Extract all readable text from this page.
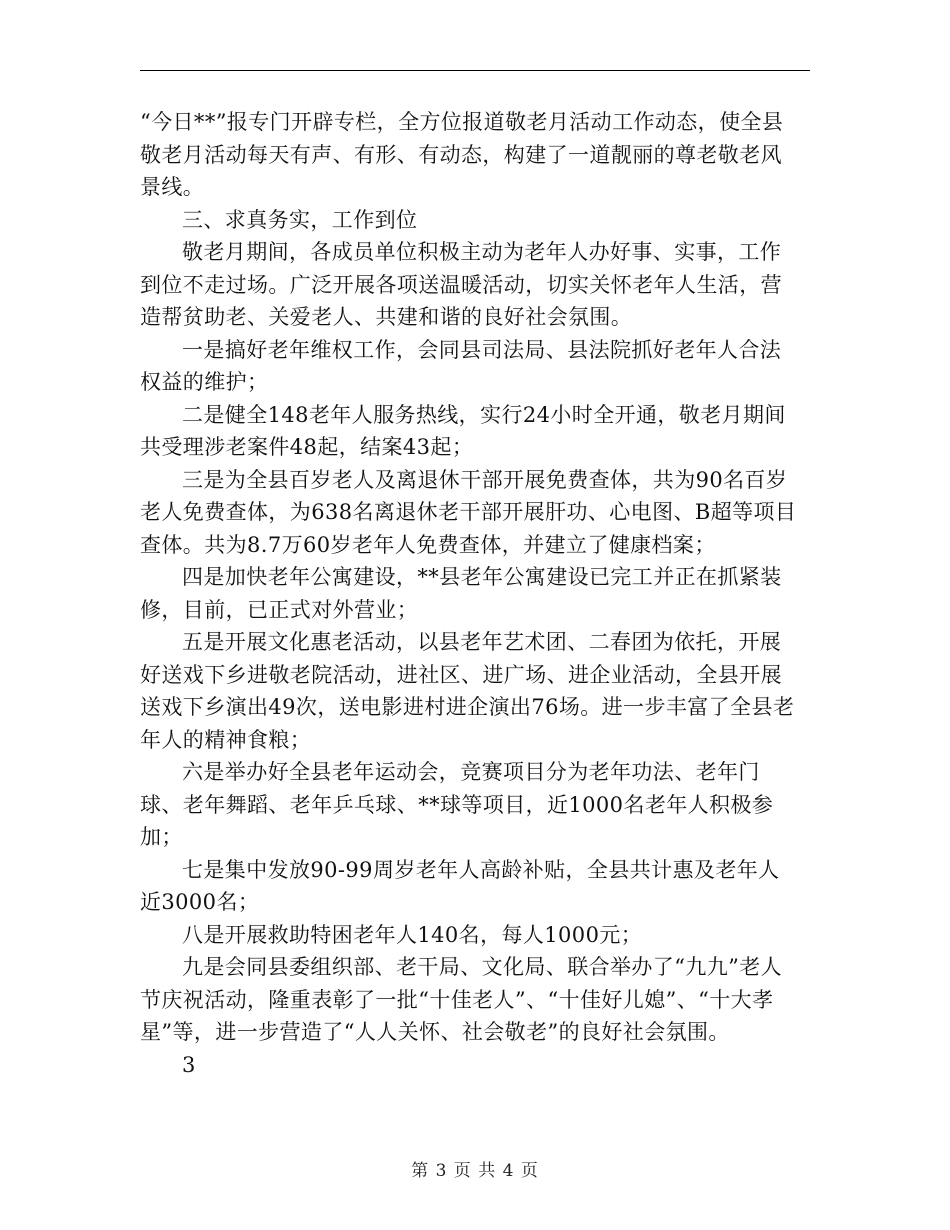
“今日**”报专门开辟专栏，全方位报道敬老月活动工作动态，使全县敬老月活动每天有声、有形、有动态，构建了一道靓丽的尊老敬老风景线。

三、求真务实，工作到位

敬老月期间，各成员单位积极主动为老年人办好事、实事，工作到位不走过场。广泛开展各项送温暖活动，切实关怀老年人生活，营造帮贫助老、关爱老人、共建和谐的良好社会氛围。

一是搞好老年维权工作，会同县司法局、县法院抓好老年人合法权益的维护；

二是健全148老年人服务热线，实行24小时全开通，敬老月期间共受理涉老案件48起，结案43起；

三是为全县百岁老人及离退休干部开展免费查体，共为90名百岁老人免费查体，为638名离退休老干部开展肝功、心电图、B超等项目查体。共为8.7万60岁老年人免费查体，并建立了健康档案；

四是加快老年公寓建设，**县老年公寓建设已完工并正在抓紧装修，目前，已正式对外营业；

五是开展文化惠老活动，以县老年艺术团、二春团为依托，开展好送戏下乡进敬老院活动，进社区、进广场、进企业活动，全县开展送戏下乡演出49次，送电影进村进企演出76场。进一步丰富了全县老年人的精神食粮；

六是举办好全县老年运动会，竞赛项目分为老年功法、老年门球、老年舞蹈、老年乒乓球、**球等项目，近1000名老年人积极参加；

七是集中发放90-99周岁老年人高龄补贴，全县共计惠及老年人近3000名；

八是开展救助特困老年人140名，每人1000元；

九是会同县委组织部、老干局、文化局、联合举办了“九九”老人节庆祝活动，隆重表彰了一批“十佳老人”、“十佳好儿媳”、“十大孝星”等，进一步营造了“人人关怀、社会敬老”的良好社会氛围。

3

第 3 页 共 4 页
